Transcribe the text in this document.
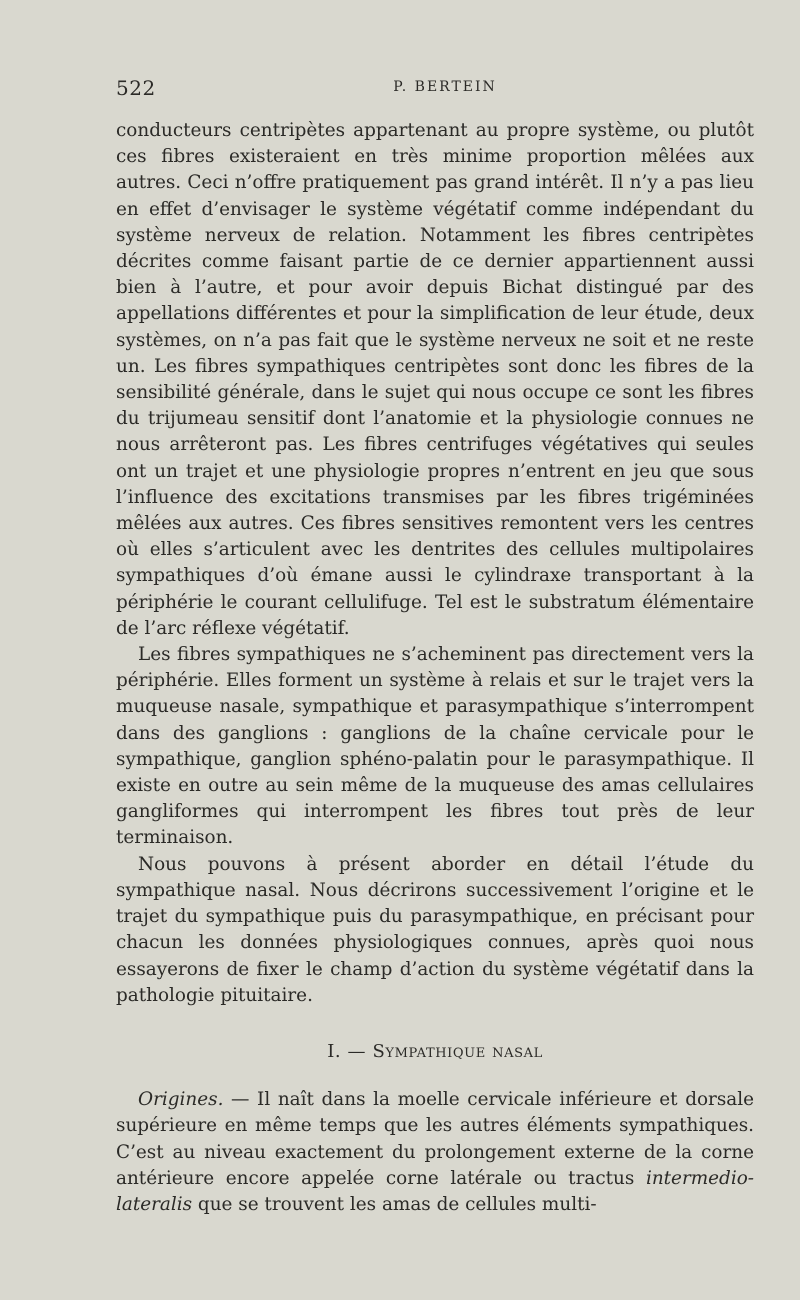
522	P. BERTEIN

conducteurs centripètes appartenant au propre système, ou plutôt ces fibres existeraient en très minime proportion mêlées aux autres. Ceci n’offre pratiquement pas grand intérêt. Il n’y a pas lieu en effet d’envisager le système végétatif comme indépendant du système nerveux de relation. Notamment les fibres centripètes décrites comme faisant partie de ce dernier appartiennent aussi bien à l’autre, et pour avoir depuis Bichat distingué par des appellations différentes et pour la simplification de leur étude, deux systèmes, on n’a pas fait que le système nerveux ne soit et ne reste un. Les fibres sympathiques centripètes sont donc les fibres de la sensibilité générale, dans le sujet qui nous occupe ce sont les fibres du trijumeau sensitif dont l’anatomie et la physiologie connues ne nous arrêteront pas. Les fibres centrifuges végétatives qui seules ont un trajet et une physiologie propres n’entrent en jeu que sous l’influence des excitations transmises par les fibres trigéminées mêlées aux autres. Ces fibres sensitives remontent vers les centres où elles s’articulent avec les dentrites des cellules multipolaires sympathiques d’où émane aussi le cylindraxe transportant à la périphérie le courant cellulifuge. Tel est le substratum élémentaire de l’arc réflexe végétatif.

Les fibres sympathiques ne s’acheminent pas directement vers la périphérie. Elles forment un système à relais et sur le trajet vers la muqueuse nasale, sympathique et parasympathique s’interrompent dans des ganglions : ganglions de la chaîne cervicale pour le sympathique, ganglion sphéno-palatin pour le parasympathique. Il existe en outre au sein même de la muqueuse des amas cellulaires gangliformes qui interrompent les fibres tout près de leur terminaison.

Nous pouvons à présent aborder en détail l’étude du sympathique nasal. Nous décrirons successivement l’origine et le trajet du sympathique puis du parasympathique, en précisant pour chacun les données physiologiques connues, après quoi nous essayerons de fixer le champ d’action du système végétatif dans la pathologie pituitaire.

I. — Sympathique nasal

Origines. — Il naît dans la moelle cervicale inférieure et dorsale supérieure en même temps que les autres éléments sympathiques. C’est au niveau exactement du prolongement externe de la corne antérieure encore appelée corne latérale ou tractus intermedio-lateralis que se trouvent les amas de cellules multi-
